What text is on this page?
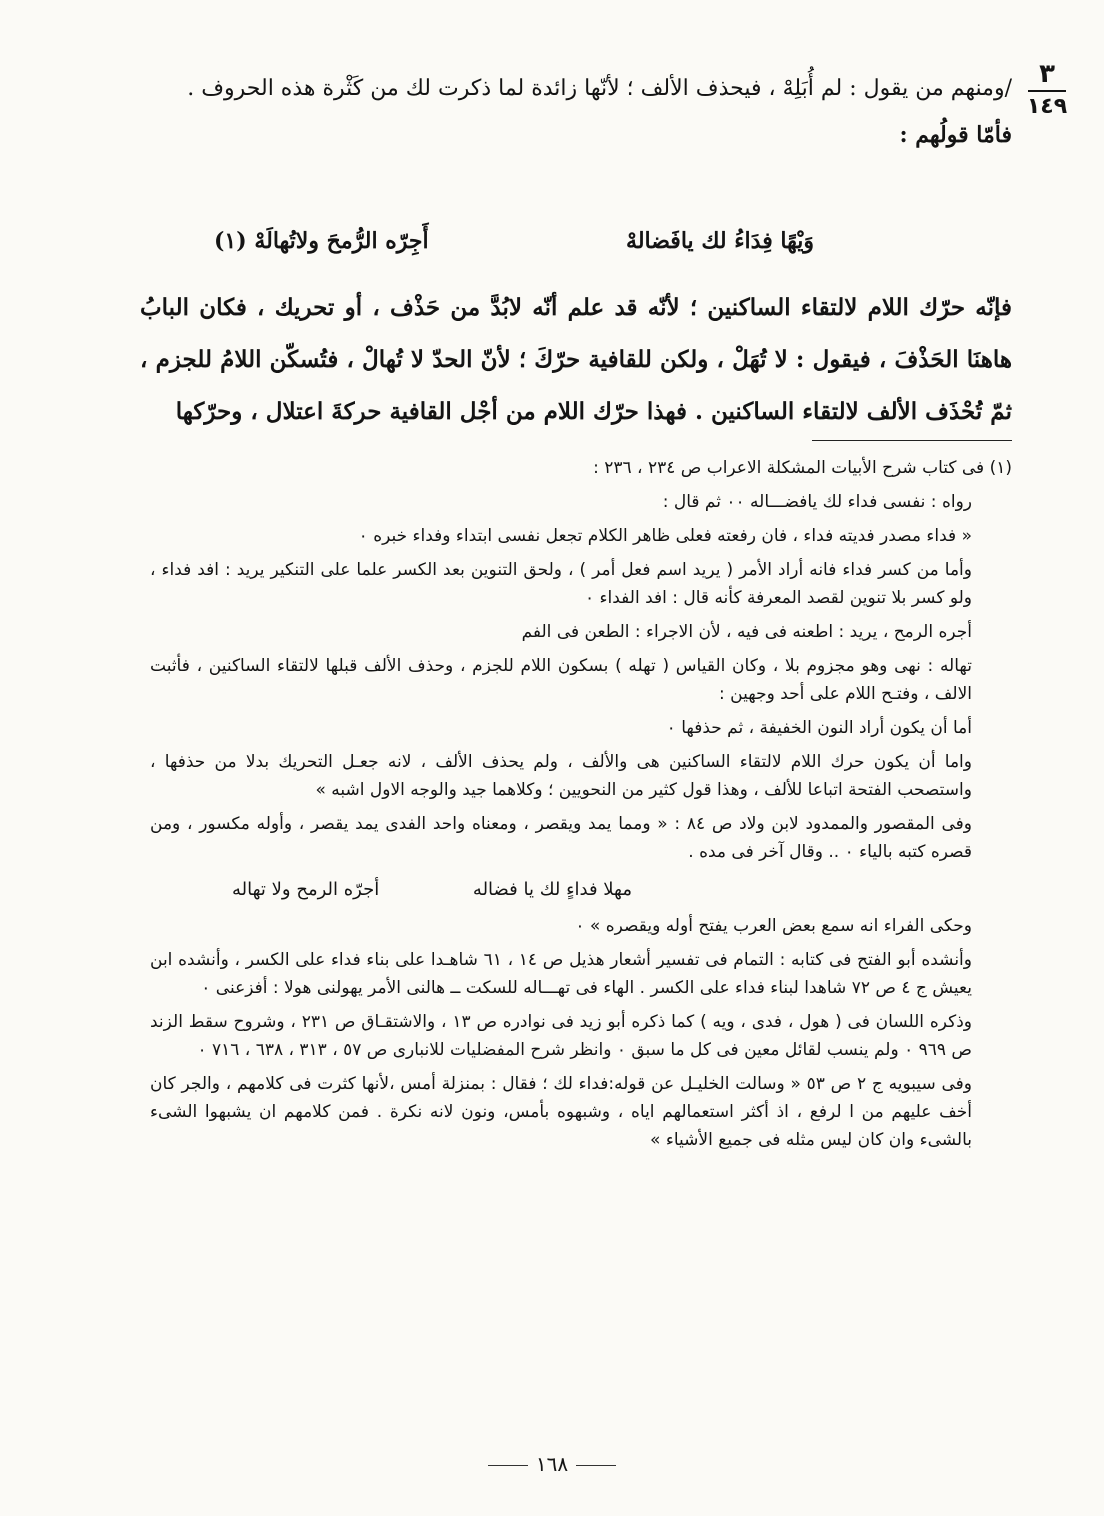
٣
١٤٩

/ومنهم من يقول : لم أُبَلِهْ ، فيحذف الألف ؛ لأنّها زائدة لما ذكرت لك من كَثْرة هذه الحروف .

فأمّا قولُهم :

وَيْهًا فِدَاءُ لك يافَضالهْ
أَجِرّه الرُّمحَ ولاتُهالَهْ (١)

فإنّه حرّك اللام لالتقاء الساكنين ؛ لأنّه قد علم أنّه لابُدَّ من حَذْف ، أو تحريك ، فكان البابُ هاهنَا الحَذْفَ ، فيقول : لا تُهَلْ ، ولكن للقافية حرّكَ ؛ لأنّ الحدّ لا تُهالْ ، فتُسكّن اللامُ للجزم ، ثمّ تُحْذَف الألف لالتقاء الساكنين . فهذا حرّك اللام من أجْل القافية حركةَ اعتلال ، وحرّكها

(١) فى كتاب شرح الأبيات المشكلة الاعراب ص ٢٣٤ ، ٢٣٦ :

رواه : نفسى فداء لك يافضـــاله ٠٠ ثم قال :

« فداء مصدر فديته فداء ، فان رفعته فعلى ظاهر الكلام تجعل نفسى ابتداء وفداء خبره ٠

وأما من كسر فداء فانه أراد الأمر ( يريد اسم فعل أمر ) ، ولحق التنوين بعد الكسر علما على التنكير يريد : افد فداء ، ولو كسر بلا تنوين لقصد المعرفة كأنه قال : افد الفداء ٠

أجره الرمح ، يريد : اطعنه فى فيه ، لأن الاجراء : الطعن فى الفم

تهاله : نهى وهو مجزوم بلا ، وكان القياس ( تهله ) بسكون اللام للجزم ، وحذف الألف قبلها لالتقاء الساكنين ، فأثبت الالف ، وفتـح اللام على أحد وجهين :

أما أن يكون أراد النون الخفيفة ، ثم حذفها ٠

واما أن يكون حرك اللام لالتقاء الساكنين هى والألف ، ولم يحذف الألف ، لانه جعـل التحريك بدلا من حذفها ، واستصحب الفتحة اتباعا للألف ، وهذا قول كثير من النحويين ؛ وكلاهما جيد والوجه الاول اشبه »

وفى المقصور والممدود لابن ولاد ص ٨٤ : « ومما يمد ويقصر ، ومعناه واحد الفدى يمد يقصر ، وأوله مكسور ، ومن قصره كتبه بالياء ٠ .. وقال آخر فى مده .

مهلا فداءٍ لك يا فضاله
أجرّه الرمح ولا تهاله

وحكى الفراء انه سمع بعض العرب يفتح أوله ويقصره » ٠

وأنشده أبو الفتح فى كتابه : التمام فى تفسير أشعار هذيل ص ١٤ ، ٦١ شاهـدا على بناء فداء على الكسر ، وأنشده ابن يعيش ج ٤ ص ٧٢ شاهدا لبناء فداء على الكسر . الهاء فى تهـــاله للسكت ــ هالنى الأمر يهولنى هولا : أفزعنى ٠

وذكره اللسان فى ( هول ، فدى ، ويه ) كما ذكره أبو زيد فى نوادره ص ١٣ ، والاشتقـاق ص ٢٣١ ، وشروح سقط الزند ص ٩٦٩ ٠ ولم ينسب لقائل معين فى كل ما سبق ٠ وانظر شرح المفضليات للانبارى ص ٥٧ ، ٣١٣ ، ٦٣٨ ، ٧١٦ ٠

وفى سيبويه ج ٢ ص ٥٣ « وسالت الخليـل عن قوله:فداء لك ؛ فقال : بمنزلة أمس ،لأنها كثرت فى كلامهم ، والجر كان أخف عليهم من ا لرفع ، اذ أكثر استعمالهم اياه ، وشبهوه بأمس، ونون لانه نكرة . فمن كلامهم ان يشبهوا الشىء بالشىء وان كان ليس مثله فى جميع الأشياء »

١٦٨
